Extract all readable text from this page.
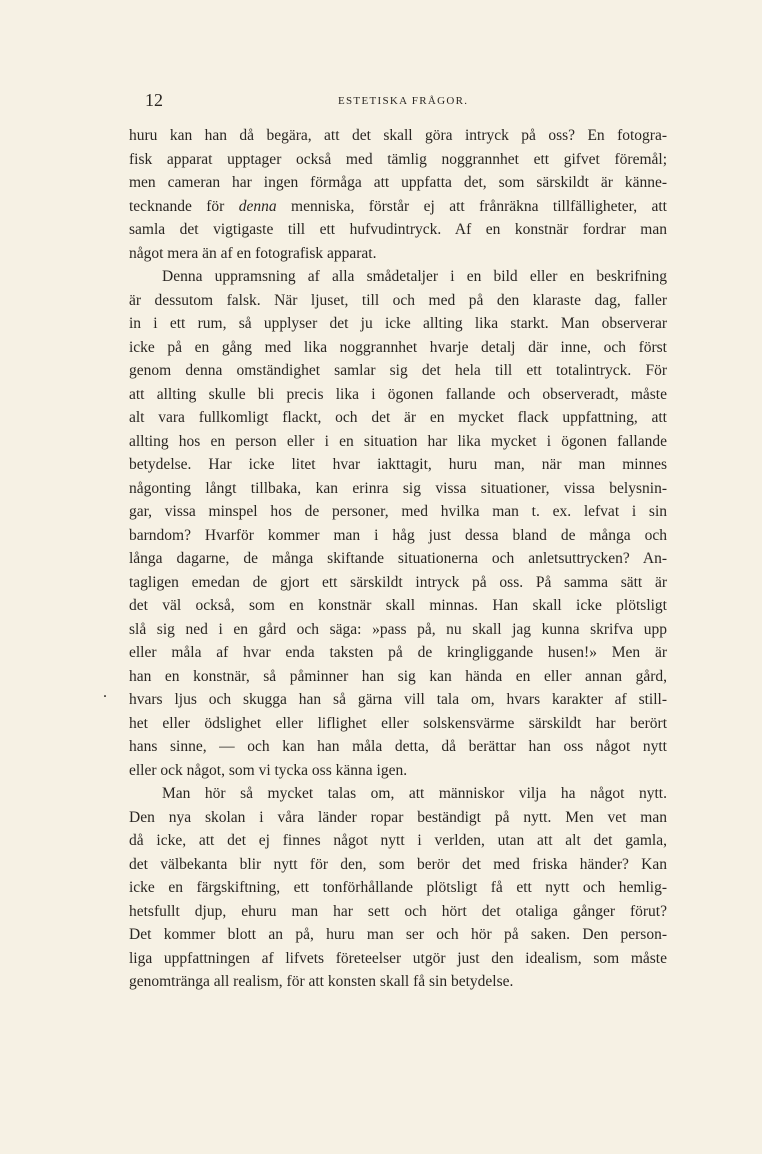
12	ESTETISKA FRÅGOR.
.
huru kan han då begära, att det skall göra intryck på oss? En fotogra-
fisk apparat upptager också med tämlig noggrannhet ett gifvet föremål;
men cameran har ingen förmåga att uppfatta det, som särskildt är känne-
tecknande för denna menniska, förstår ej att frånräkna tillfälligheter, att
samla det vigtigaste till ett hufvudintryck. Af en konstnär fordrar man
något mera än af en fotografisk apparat.
Denna uppramsning af alla smådetaljer i en bild eller en beskrifning
är dessutom falsk. När ljuset, till och med på den klaraste dag, faller
in i ett rum, så upplyser det ju icke allting lika starkt. Man observerar
icke på en gång med lika noggrannhet hvarje detalj där inne, och först
genom denna omständighet samlar sig det hela till ett totalintryck. För
att allting skulle bli precis lika i ögonen fallande och observeradt, måste
alt vara fullkomligt flackt, och det är en mycket flack uppfattning, att
allting hos en person eller i en situation har lika mycket i ögonen fallande
betydelse. Har icke litet hvar iakttagit, huru man, när man minnes
någonting långt tillbaka, kan erinra sig vissa situationer, vissa belysnin-
gar, vissa minspel hos de personer, med hvilka man t. ex. lefvat i sin
barndom? Hvarför kommer man i håg just dessa bland de många och
långa dagarne, de många skiftande situationerna och anletsuttrycken? An-
tagligen emedan de gjort ett särskildt intryck på oss. På samma sätt är
det väl också, som en konstnär skall minnas. Han skall icke plötsligt
slå sig ned i en gård och säga: »pass på, nu skall jag kunna skrifva upp
eller måla af hvar enda taksten på de kringliggande husen!» Men är
han en konstnär, så påminner han sig kan hända en eller annan gård,
hvars ljus och skugga han så gärna vill tala om, hvars karakter af still-
het eller ödslighet eller liflighet eller solskensvärme särskildt har berört
hans sinne, — och kan han måla detta, då berättar han oss något nytt
eller ock något, som vi tycka oss känna igen.
Man hör så mycket talas om, att människor vilja ha något nytt.
Den nya skolan i våra länder ropar beständigt på nytt. Men vet man
då icke, att det ej finnes något nytt i verlden, utan att alt det gamla,
det välbekanta blir nytt för den, som berör det med friska händer? Kan
icke en färgskiftning, ett tonförhållande plötsligt få ett nytt och hemlig-
hetsfullt djup, ehuru man har sett och hört det otaliga gånger förut?
Det kommer blott an på, huru man ser och hör på saken. Den person-
liga uppfattningen af lifvets företeelser utgör just den idealism, som måste
genomtränga all realism, för att konsten skall få sin betydelse.
